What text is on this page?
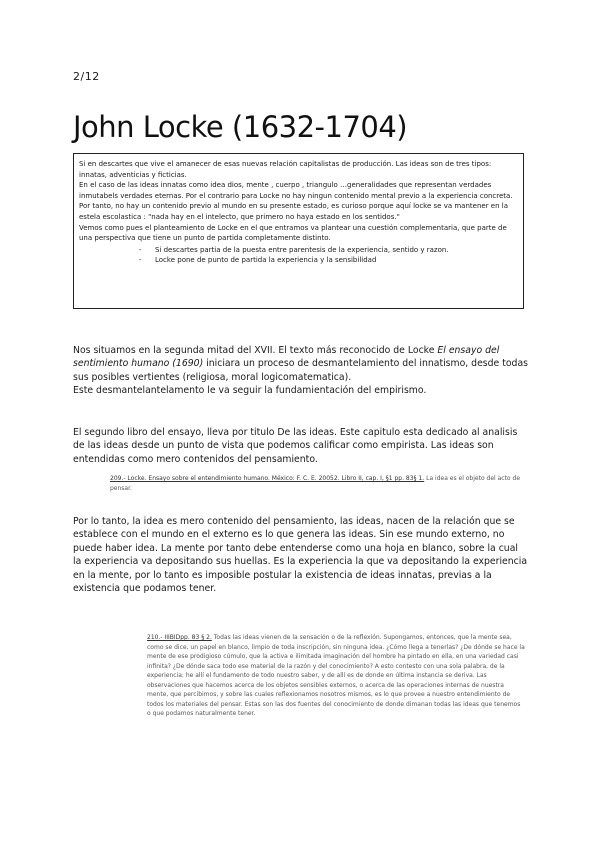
2/12
John Locke (1632-1704)

Si en descartes que vive el amanecer de esas nuevas relación capitalistas de producción. Las ideas son de tres tipos: innatas, adventicias y ficticias.

En el caso de las ideas innatas como idea dios, mente , cuerpo , triangulo …generalidades que representan verdades inmutabels verdades eternas. Por el contrario para Locke no hay ningun contenido mental previo a la experiencia concreta. Por tanto, no hay un contenido previo al mundo en su presente estado, es curioso porque aquí locke se va mantener en la estela escolastica : "nada hay en el intelecto, que primero no haya estado en los sentidos."

Vemos como pues el planteamiento de Locke en el que entramos va plantear una cuestión complementaria, que parte de una perspectiva que tiene un punto de partida completamente distinto.

- Si descartes partia de la puesta entre parentesis de la experiencia, sentido y razon.
- Locke pone de punto de partida la experiencia y la sensibilidad
Nos situamos en la segunda mitad del XVII. El texto más reconocido de Locke El ensayo del sentimiento humano (1690) iniciara un proceso de desmantelamiento del innatismo, desde todas sus posibles vertientes (religiosa, moral logicomatematica).
Este desmantelantelamento le va seguir la fundamientación del empirismo.

El segundo libro del ensayo, lleva por titulo De las ideas. Este capitulo esta dedicado al analisis de las ideas desde un punto de vista que podemos calificar como empirista. Las ideas son entendidas como mero contenidos del pensamiento.

209.- Locke. Ensayo sobre el entendimiento humano. México: F. C. E. 20052. Libro II, cap. I, §1 pp. 83§ 1. La idea es el objeto del acto de pensar.

Por lo tanto, la idea es mero contenido del pensamiento, las ideas, nacen de la relación que se establece con el mundo en el externo es lo que genera las ideas. Sin ese mundo externo, no puede haber idea. La mente por tanto debe entenderse como una hoja en blanco, sobre la cual la experiencia va depositando sus huellas. Es la experiencia la que va depositando la experiencia en la mente, por lo tanto es imposible postular la existencia de ideas innatas, previas a la existencia que podamos tener.

210.- IIIBIDpp. 83 § 2. Todas las ideas vienen de la sensación o de la reflexión. Supongamos, entonces, que la mente sea, como se dice, un papel en blanco, limpio de toda inscripción, sin ninguna idea. ¿Cómo llega a tenerlas? ¿De dónde se hace la mente de ese prodigioso cúmulo, que la activa e ilimitada imaginación del hombre ha pintado en ella, en una variedad casi infinita? ¿De dónde saca todo ese material de la razón y del conocimiento? A esto contesto con una sola palabra, de la experiencia: he allí el fundamento de todo nuestro saber, y de allí es de donde en última instancia se deriva. Las observaciones que hacemos acerca de los objetos sensibles externos, o acerca de las operaciones internas de nuestra mente, que percibimos, y sobre las cuales reflexionamos nosotros mismos, es lo que provee a nuestro entendimiento de todos los materiales del pensar. Estas son las dos fuentes del conocimiento de donde dimanan todas las ideas que tenemos o que podamos naturalmente tener.
